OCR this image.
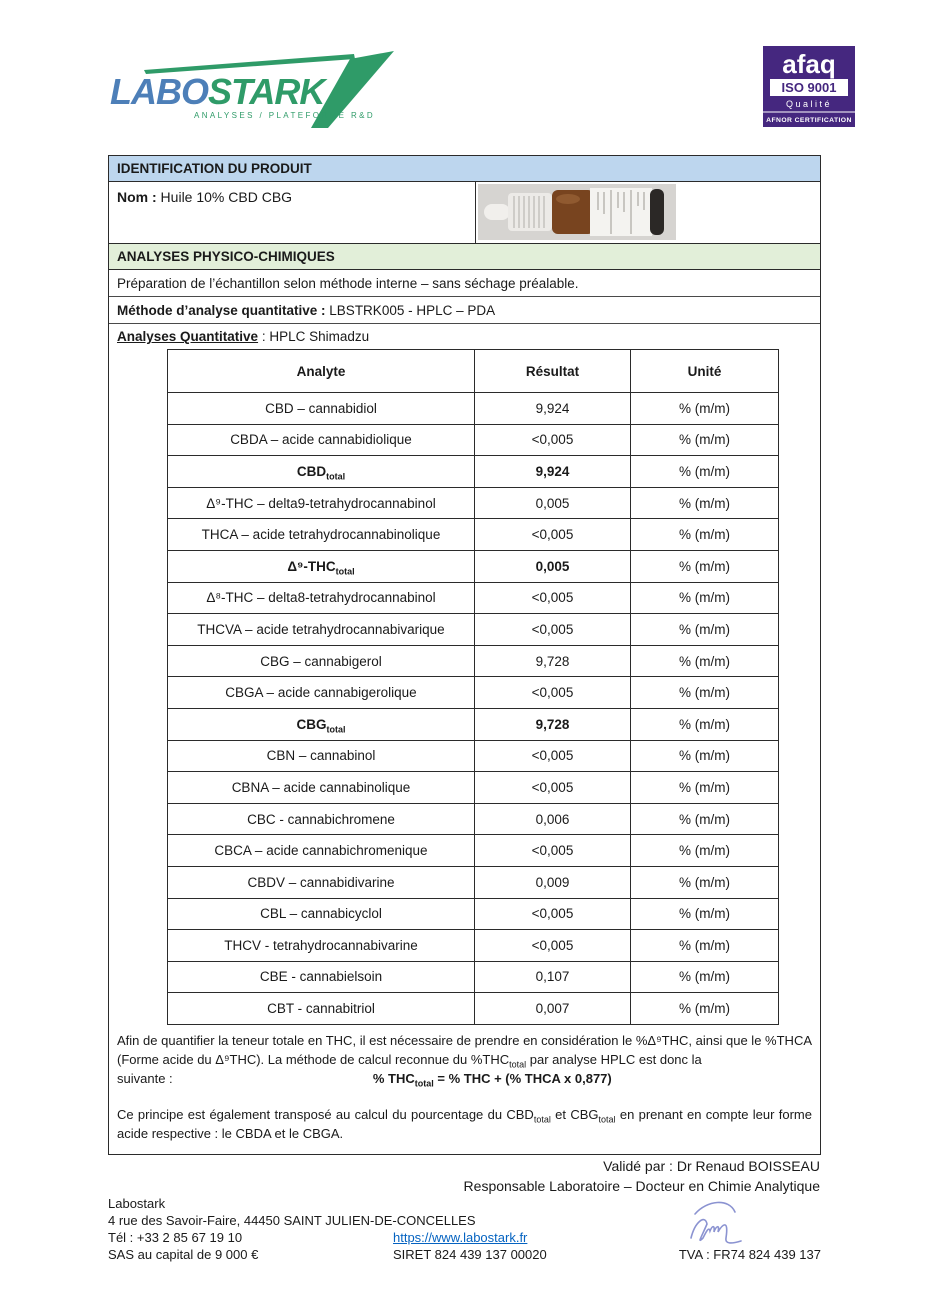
LABOSTARK
ANALYSES / PLATEFORME R&D
afaq
ISO 9001
Qualité
AFNOR CERTIFICATION
IDENTIFICATION DU PRODUIT
Nom : Huile 10% CBD CBG
ANALYSES PHYSICO-CHIMIQUES
Préparation de l’échantillon selon méthode interne – sans séchage préalable.
Méthode d’analyse quantitative : LBSTRK005 - HPLC – PDA
Analyses Quantitative : HPLC Shimadzu
Analyte	Résultat	Unité
CBD – cannabidiol	9,924	% (m/m)
CBDA – acide cannabidiolique	<0,005	% (m/m)
$CBD_{total}$	9,924	% (m/m)
Δ⁹-THC – delta9-tetrahydrocannabinol	0,005	% (m/m)
THCA – acide tetrahydrocannabinolique	<0,005	% (m/m)
$\Delta^9-THC_{total}$	0,005	% (m/m)
Δ⁸-THC – delta8-tetrahydrocannabinol	<0,005	% (m/m)
THCVA – acide tetrahydrocannabivarique	<0,005	% (m/m)
CBG – cannabigerol	9,728	% (m/m)
CBGA – acide cannabigerolique	<0,005	% (m/m)
$CBG_{total}$	9,728	% (m/m)
CBN – cannabinol	<0,005	% (m/m)
CBNA – acide cannabinolique	<0,005	% (m/m)
CBC - cannabichromene	0,006	% (m/m)
CBCA – acide cannabichromenique	<0,005	% (m/m)
CBDV – cannabidivarine	0,009	% (m/m)
CBL – cannabicyclol	<0,005	% (m/m)
THCV - tetrahydrocannabivarine	<0,005	% (m/m)
CBE - cannabielsoin	0,107	% (m/m)
CBT - cannabitriol	0,007	% (m/m)
Afin de quantifier la teneur totale en THC, il est nécessaire de prendre en considération le %Δ⁹THC, ainsi que le %THCA (Forme acide du Δ⁹THC). La méthode de calcul reconnue du $\%THC_{total}$ par analyse HPLC est donc la
suivante :	% $THC_{total}$ = % THC + (% THCA x 0,877)
Ce principe est également transposé au calcul du pourcentage du $CBD_{total}$ et $CBG_{total}$ en prenant en compte leur forme acide respective : le CBDA et le CBGA.
Validé par : Dr Renaud BOISSEAU
Responsable Laboratoire – Docteur en Chimie Analytique
Labostark
4 rue des Savoir-Faire, 44450 SAINT JULIEN-DE-CONCELLES
Tél : +33 2 85 67 19 10	https://www.labostark.fr
SAS au capital de 9 000 €	SIRET 824 439 137 00020	TVA : FR74 824 439 137
